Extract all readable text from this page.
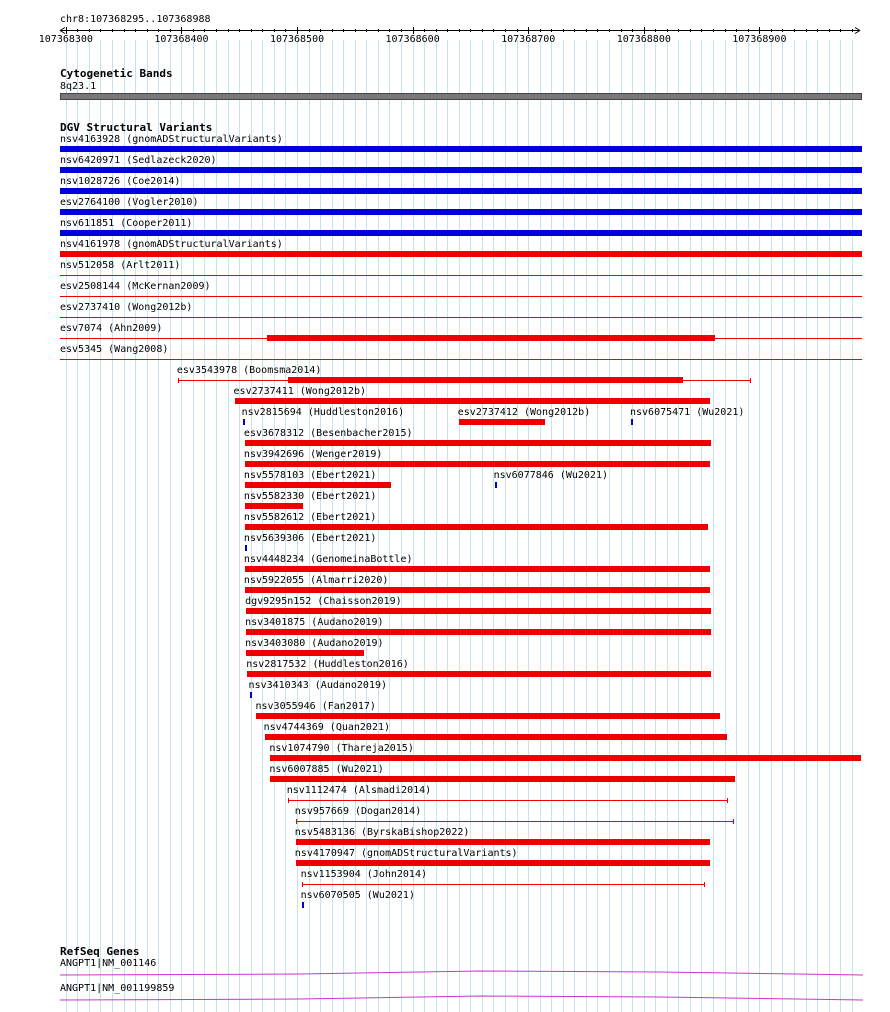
chr8:107368295..107368988
107368300	107368400	107368500	107368600	107368700	107368800	107368900
Cytogenetic Bands
8q23.1
DGV Structural Variants
nsv4163928 (gnomADStructuralVariants)
nsv6420971 (Sedlazeck2020)
nsv1028726 (Coe2014)
esv2764100 (Vogler2010)
nsv611851 (Cooper2011)
nsv4161978 (gnomADStructuralVariants)
nsv512058 (Arlt2011)
esv2508144 (McKernan2009)
esv2737410 (Wong2012b)
esv7074 (Ahn2009)
esv5345 (Wang2008)
esv3543978 (Boomsma2014)
esv2737411 (Wong2012b)
nsv2815694 (Huddleston2016)	esv2737412 (Wong2012b)	nsv6075471 (Wu2021)
esv3678312 (Besenbacher2015)
nsv3942696 (Wenger2019)
nsv5578103 (Ebert2021)	nsv6077846 (Wu2021)
nsv5582330 (Ebert2021)
nsv5582612 (Ebert2021)
nsv5639306 (Ebert2021)
nsv4448234 (GenomeinaBottle)
nsv5922055 (Almarri2020)
dgv9295n152 (Chaisson2019)
nsv3401875 (Audano2019)
nsv3403080 (Audano2019)
nsv2817532 (Huddleston2016)
nsv3410343 (Audano2019)
nsv3055946 (Fan2017)
nsv4744369 (Quan2021)
nsv1074790 (Thareja2015)
nsv6007885 (Wu2021)
nsv1112474 (Alsmadi2014)
nsv957669 (Dogan2014)
nsv5483136 (ByrskaBishop2022)
nsv4170947 (gnomADStructuralVariants)
nsv1153904 (John2014)
nsv6070505 (Wu2021)
RefSeq Genes
ANGPT1|NM_001146
ANGPT1|NM_001199859
